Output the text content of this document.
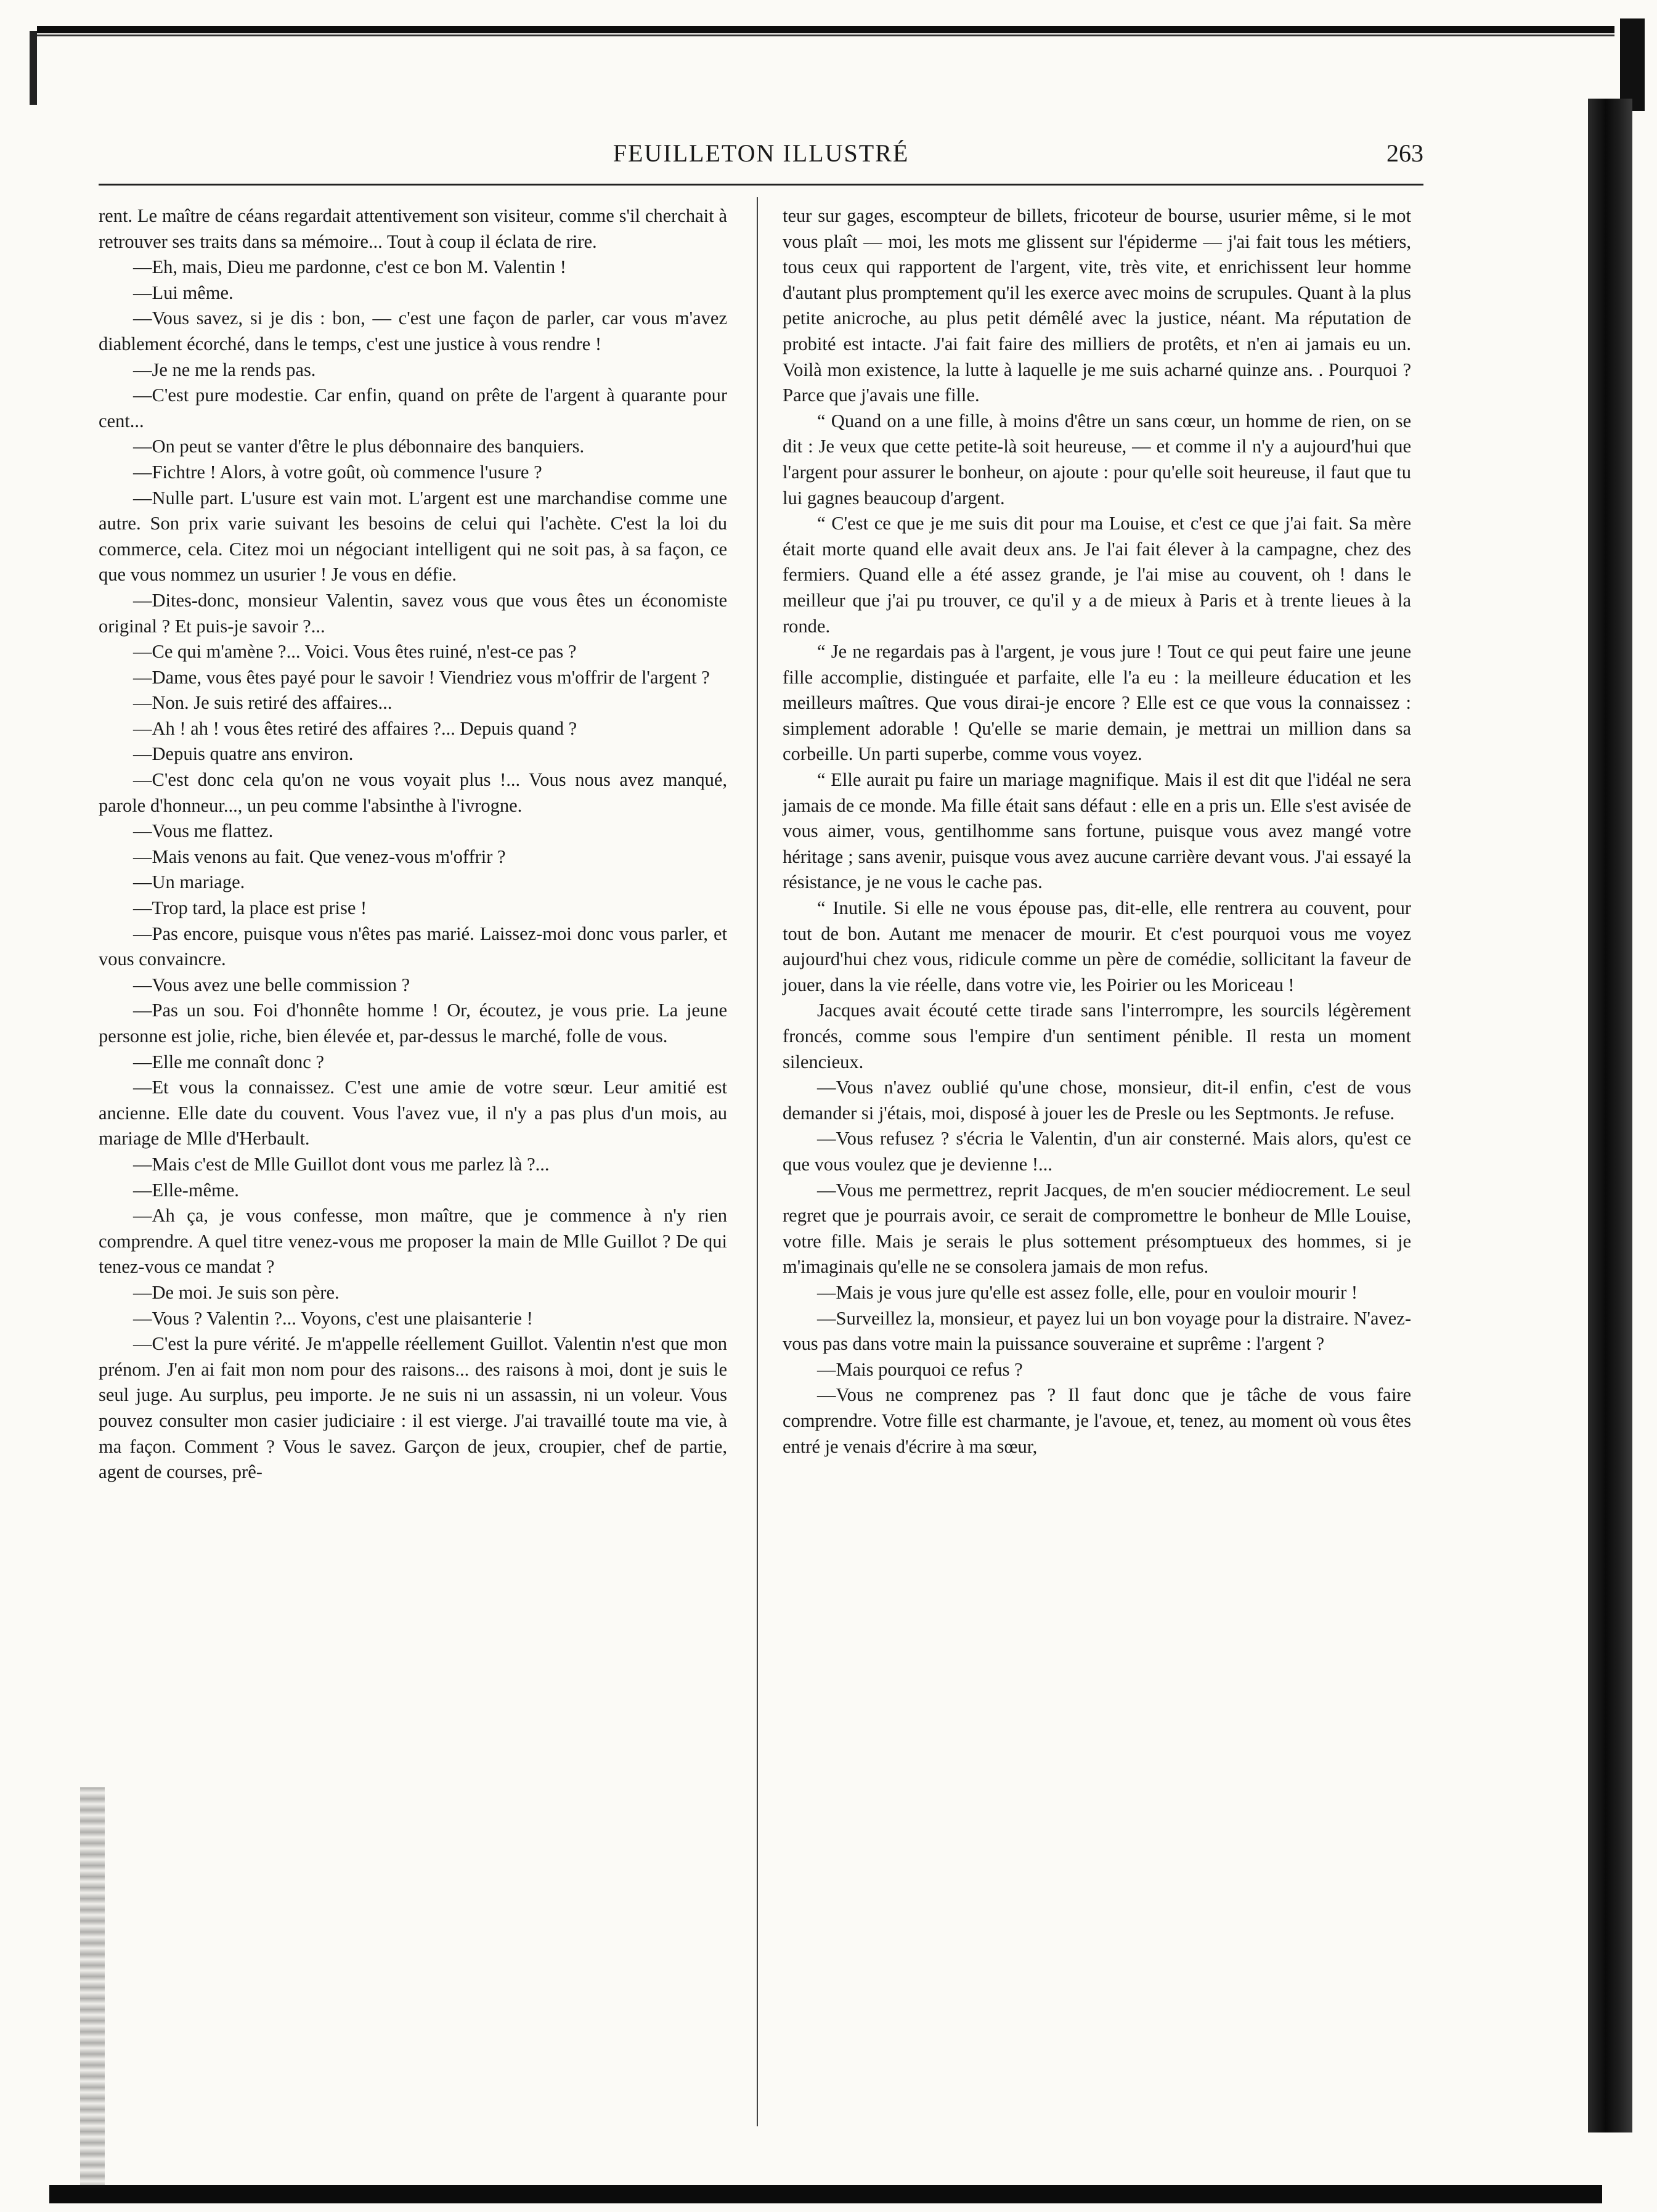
FEUILLETON ILLUSTRÉ	263

rent. Le maître de céans regardait attentivement son visiteur, comme s'il cherchait à retrouver ses traits dans sa mémoire... Tout à coup il éclata de rire.

—Eh, mais, Dieu me pardonne, c'est ce bon M. Valentin !

—Lui même.

—Vous savez, si je dis : bon, — c'est une façon de parler, car vous m'avez diablement écorché, dans le temps, c'est une justice à vous rendre !

—Je ne me la rends pas.

—C'est pure modestie. Car enfin, quand on prête de l'argent à quarante pour cent...

—On peut se vanter d'être le plus débonnaire des banquiers.

—Fichtre ! Alors, à votre goût, où commence l'usure ?

—Nulle part. L'usure est vain mot. L'argent est une marchandise comme une autre. Son prix varie suivant les besoins de celui qui l'achète. C'est la loi du commerce, cela. Citez moi un négociant intelligent qui ne soit pas, à sa façon, ce que vous nommez un usurier ! Je vous en défie.

—Dites-donc, monsieur Valentin, savez vous que vous êtes un économiste original ? Et puis-je savoir ?...

—Ce qui m'amène ?... Voici. Vous êtes ruiné, n'est-ce pas ?

—Dame, vous êtes payé pour le savoir ! Viendriez vous m'offrir de l'argent ?

—Non. Je suis retiré des affaires...

—Ah ! ah ! vous êtes retiré des affaires ?... Depuis quand ?

—Depuis quatre ans environ.

—C'est donc cela qu'on ne vous voyait plus !... Vous nous avez manqué, parole d'honneur..., un peu comme l'absinthe à l'ivrogne.

—Vous me flattez.

—Mais venons au fait. Que venez-vous m'offrir ?

—Un mariage.

—Trop tard, la place est prise !

—Pas encore, puisque vous n'êtes pas marié. Laissez-moi donc vous parler, et vous convaincre.

—Vous avez une belle commission ?

—Pas un sou. Foi d'honnête homme ! Or, écoutez, je vous prie. La jeune personne est jolie, riche, bien élevée et, par-dessus le marché, folle de vous.

—Elle me connaît donc ?

—Et vous la connaissez. C'est une amie de votre sœur. Leur amitié est ancienne. Elle date du couvent. Vous l'avez vue, il n'y a pas plus d'un mois, au mariage de Mlle d'Herbault.

—Mais c'est de Mlle Guillot dont vous me parlez là ?...

—Elle-même.

—Ah ça, je vous confesse, mon maître, que je commence à n'y rien comprendre. A quel titre venez-vous me proposer la main de Mlle Guillot ? De qui tenez-vous ce mandat ?

—De moi. Je suis son père.

—Vous ? Valentin ?... Voyons, c'est une plaisanterie !

—C'est la pure vérité. Je m'appelle réellement Guillot. Valentin n'est que mon prénom. J'en ai fait mon nom pour des raisons... des raisons à moi, dont je suis le seul juge. Au surplus, peu importe. Je ne suis ni un assassin, ni un voleur. Vous pouvez consulter mon casier judiciaire : il est vierge. J'ai travaillé toute ma vie, à ma façon. Comment ? Vous le savez. Garçon de jeux, croupier, chef de partie, agent de courses, prê-

teur sur gages, escompteur de billets, fricoteur de bourse, usurier même, si le mot vous plaît — moi, les mots me glissent sur l'épiderme — j'ai fait tous les métiers, tous ceux qui rapportent de l'argent, vite, très vite, et enrichissent leur homme d'autant plus promptement qu'il les exerce avec moins de scrupules. Quant à la plus petite anicroche, au plus petit démêlé avec la justice, néant. Ma réputation de probité est intacte. J'ai fait faire des milliers de protêts, et n'en ai jamais eu un. Voilà mon existence, la lutte à laquelle je me suis acharné quinze ans. . Pourquoi ? Parce que j'avais une fille.

“ Quand on a une fille, à moins d'être un sans cœur, un homme de rien, on se dit : Je veux que cette petite-là soit heureuse, — et comme il n'y a aujourd'hui que l'argent pour assurer le bonheur, on ajoute : pour qu'elle soit heureuse, il faut que tu lui gagnes beaucoup d'argent.

“ C'est ce que je me suis dit pour ma Louise, et c'est ce que j'ai fait. Sa mère était morte quand elle avait deux ans. Je l'ai fait élever à la campagne, chez des fermiers. Quand elle a été assez grande, je l'ai mise au couvent, oh ! dans le meilleur que j'ai pu trouver, ce qu'il y a de mieux à Paris et à trente lieues à la ronde.

“ Je ne regardais pas à l'argent, je vous jure ! Tout ce qui peut faire une jeune fille accomplie, distinguée et parfaite, elle l'a eu : la meilleure éducation et les meilleurs maîtres. Que vous dirai-je encore ? Elle est ce que vous la connaissez : simplement adorable ! Qu'elle se marie demain, je mettrai un million dans sa corbeille. Un parti superbe, comme vous voyez.

“ Elle aurait pu faire un mariage magnifique. Mais il est dit que l'idéal ne sera jamais de ce monde. Ma fille était sans défaut : elle en a pris un. Elle s'est avisée de vous aimer, vous, gentilhomme sans fortune, puisque vous avez mangé votre héritage ; sans avenir, puisque vous avez aucune carrière devant vous. J'ai essayé la résistance, je ne vous le cache pas.

“ Inutile. Si elle ne vous épouse pas, dit-elle, elle rentrera au couvent, pour tout de bon. Autant me menacer de mourir. Et c'est pourquoi vous me voyez aujourd'hui chez vous, ridicule comme un père de comédie, sollicitant la faveur de jouer, dans la vie réelle, dans votre vie, les Poirier ou les Moriceau !

Jacques avait écouté cette tirade sans l'interrompre, les sourcils légèrement froncés, comme sous l'empire d'un sentiment pénible. Il resta un moment silencieux.

—Vous n'avez oublié qu'une chose, monsieur, dit-il enfin, c'est de vous demander si j'étais, moi, disposé à jouer les de Presle ou les Septmonts. Je refuse.

—Vous refusez ? s'écria le Valentin, d'un air consterné. Mais alors, qu'est ce que vous voulez que je devienne !...

—Vous me permettrez, reprit Jacques, de m'en soucier médiocrement. Le seul regret que je pourrais avoir, ce serait de compromettre le bonheur de Mlle Louise, votre fille. Mais je serais le plus sottement présomptueux des hommes, si je m'imaginais qu'elle ne se consolera jamais de mon refus.

—Mais je vous jure qu'elle est assez folle, elle, pour en vouloir mourir !

—Surveillez la, monsieur, et payez lui un bon voyage pour la distraire. N'avez-vous pas dans votre main la puissance souveraine et suprême : l'argent ?

—Mais pourquoi ce refus ?

—Vous ne comprenez pas ? Il faut donc que je tâche de vous faire comprendre. Votre fille est charmante, je l'avoue, et, tenez, au moment où vous êtes entré je venais d'écrire à ma sœur,
